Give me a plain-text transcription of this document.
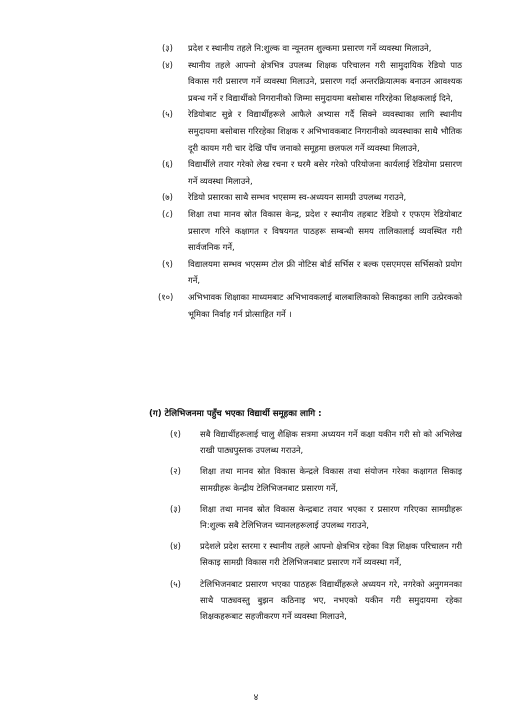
(३)	प्रदेश र स्थानीय तहले नि:शुल्क वा न्यूनतम शुल्कमा प्रसारण गर्ने व्यवस्था मिलाउने,
(४)	स्थानीय तहले आफ्नो क्षेत्रभित्र उपलब्ध शिक्षक परिचालन गरी सामुदायिक रेडियो पाठ विकास गरी प्रसारण गर्ने व्यवस्था मिलाउने, प्रसारण गर्दा अन्तरक्रियात्मक बनाउन आवश्यक प्रबन्ध गर्ने र विद्यार्थीको निगरानीको जिम्मा समुदायमा बसोबास गरिरहेका शिक्षकलाई दिने,
(५)	रेडियोबाट सुन्ने र विद्यार्थीहरूले आफैले अभ्यास गर्दै सिक्ने व्यवस्थाका लागि स्थानीय समुदायमा बसोबास गरिरहेका शिक्षक र अभिभावकबाट निगरानीको व्यवस्थाका साथै भौतिक दूरी कायम गरी चार देखि पाँच जनाको समूहमा छलफल गर्ने व्यवस्था मिलाउने,
(६)	विद्यार्थीले तयार गरेको लेख रचना र घरमै बसेर गरेको परियोजना कार्यलाई रेडियोमा प्रसारण गर्ने व्यवस्था मिलाउने,
(७)	रेडियो प्रसारका साथै सम्भव भएसम्म स्व-अध्ययन सामग्री उपलब्ध गराउने,
(८)	शिक्षा तथा मानव स्रोत विकास केन्द्र, प्रदेश र स्थानीय तहबाट रेडियो र एफएम रेडियोबाट प्रसारण गरिने कक्षागत र विषयगत पाठहरू सम्बन्धी समय तालिकालाई व्यवस्थित गरी सार्वजनिक गर्ने,
(९)	विद्यालयमा सम्भव भएसम्म टोल फ्री नोटिस बोर्ड सर्भिस र बल्क एसएमएस सर्भिसको प्रयोग गर्ने,
(१०)	अभिभावक शिक्षाका माध्यमबाट अभिभावकलाई बालबालिकाको सिकाइका लागि उत्प्रेरकको भूमिका निर्वाह गर्न प्रोत्साहित गर्ने ।
(ग) टेलिभिजनमा पहुँच भएका विद्यार्थी समूहका लागि :
(१)	सबै विद्यार्थीहरूलाई चालु शैक्षिक सत्रमा अध्ययन गर्ने कक्षा यकीन गरी सो को अभिलेख राखी पाठ्यपुस्तक उपलब्ध गराउने,
(२)	शिक्षा तथा मानव स्रोत विकास केन्द्रले विकास तथा संयोजन गरेका कक्षागत सिकाइ सामग्रीहरू केन्द्रीय टेलिभिजनबाट प्रसारण गर्ने,
(३)	शिक्षा तथा मानव स्रोत विकास केन्द्रबाट तयार भएका र प्रसारण गरिएका सामग्रीहरू नि:शुल्क सबै टेलिभिजन च्यानलहरूलाई उपलब्ध गराउने,
(४)	प्रदेशले प्रदेश स्तरमा र स्थानीय तहले आफ्नो क्षेत्रभित्र रहेका विज्ञ शिक्षक परिचालन गरी सिकाइ सामग्री विकास गरी टेलिभिजनबाट प्रसारण गर्ने व्यवस्था गर्ने,
(५)	टेलिभिजनबाट प्रसारण भएका पाठहरू विद्यार्थीहरूले अध्ययन गरे, नगरेको अनुगमनका साथै पाठ्यवस्तु बुझन कठिनाइ भए, नभएको यकीन गरी समुदायमा रहेका शिक्षकहरूबाट सहजीकरण गर्ने व्यवस्था मिलाउने,
४
